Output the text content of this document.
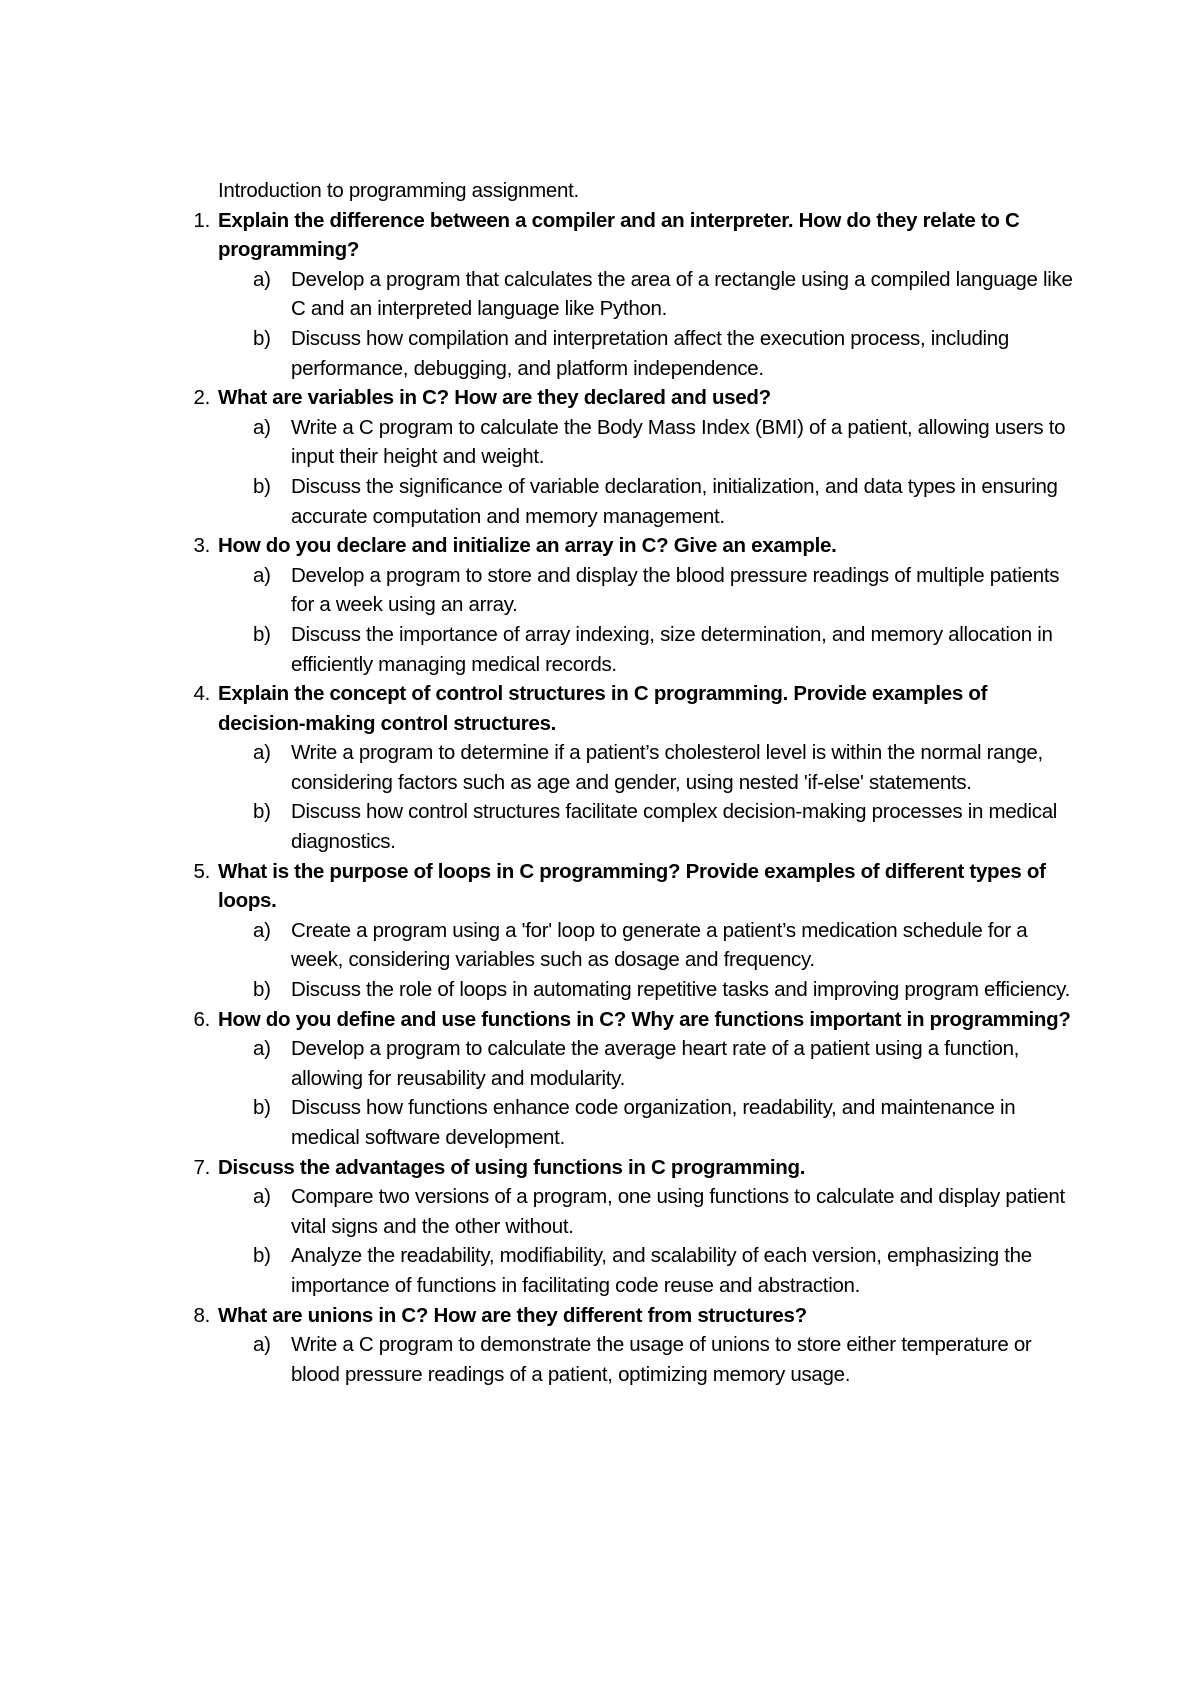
Introduction to programming assignment.

1. Explain the difference between a compiler and an interpreter. How do they relate to C programming?
a) Develop a program that calculates the area of a rectangle using a compiled language like C and an interpreted language like Python.
b) Discuss how compilation and interpretation affect the execution process, including performance, debugging, and platform independence.
2. What are variables in C? How are they declared and used?
a) Write a C program to calculate the Body Mass Index (BMI) of a patient, allowing users to input their height and weight.
b) Discuss the significance of variable declaration, initialization, and data types in ensuring accurate computation and memory management.
3. How do you declare and initialize an array in C? Give an example.
a) Develop a program to store and display the blood pressure readings of multiple patients for a week using an array.
b) Discuss the importance of array indexing, size determination, and memory allocation in efficiently managing medical records.
4. Explain the concept of control structures in C programming. Provide examples of decision-making control structures.
a) Write a program to determine if a patient’s cholesterol level is within the normal range, considering factors such as age and gender, using nested 'if-else' statements.
b) Discuss how control structures facilitate complex decision-making processes in medical diagnostics.
5. What is the purpose of loops in C programming? Provide examples of different types of loops.
a) Create a program using a 'for' loop to generate a patient’s medication schedule for a week, considering variables such as dosage and frequency.
b) Discuss the role of loops in automating repetitive tasks and improving program efficiency.
6. How do you define and use functions in C? Why are functions important in programming?
a) Develop a program to calculate the average heart rate of a patient using a function, allowing for reusability and modularity.
b) Discuss how functions enhance code organization, readability, and maintenance in medical software development.
7. Discuss the advantages of using functions in C programming.
a) Compare two versions of a program, one using functions to calculate and display patient vital signs and the other without.
b) Analyze the readability, modifiability, and scalability of each version, emphasizing the importance of functions in facilitating code reuse and abstraction.
8. What are unions in C? How are they different from structures?
a) Write a C program to demonstrate the usage of unions to store either temperature or blood pressure readings of a patient, optimizing memory usage.
